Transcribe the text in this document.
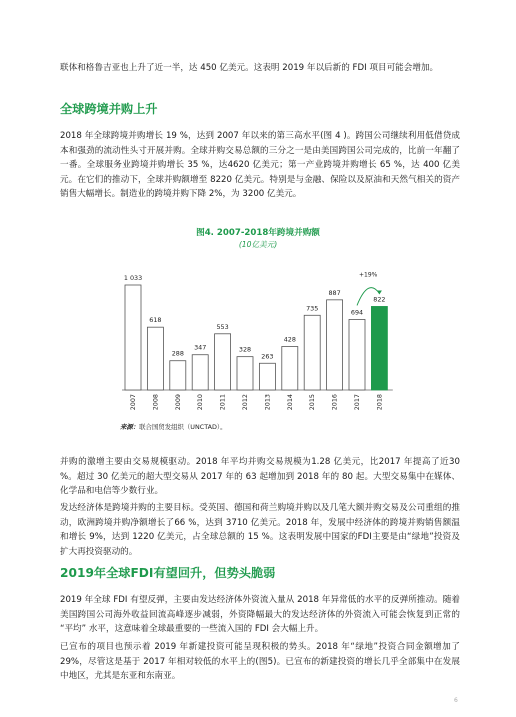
联体和格鲁吉亚也上升了近一半，达 450 亿美元。这表明 2019 年以后新的 FDI 项目可能会增加。

全球跨境并购上升

2018 年全球跨境并购增长 19 %，达到 2007 年以来的第三高水平(图 4 )。跨国公司继续利用低借贷成本和强劲的流动性头寸开展并购。全球并购交易总额的三分之一是由美国跨国公司完成的，比前一年翻了一番。全球服务业跨境并购增长 35 %，达4620 亿美元；第一产业跨境并购增长 65 %，达 400 亿美元。在它们的推动下，全球并购额增至 8220 亿美元。特别是与金融、保险以及原油和天然气相关的资产销售大幅增长。制造业的跨境并购下降 2%，为 3200 亿美元。

图4. 2007-2018年跨境并购额
(10亿美元)
1 033
2007
618
2008
288
2009
347
2010
553
2011
328
2012
263
2013
428
2014
735
2015
887
2016
694
2017
822
2018
+19%
来源：联合国贸发组织（UNCTAD）。

并购的激增主要由交易规模驱动。2018 年平均并购交易规模为1.28 亿美元，比2017 年提高了近30 %。超过 30 亿美元的超大型交易从 2017 年的 63 起增加到 2018 年的 80 起。大型交易集中在媒体、化学品和电信等少数行业。

发达经济体是跨境并购的主要目标。受英国、德国和荷兰购境并购以及几笔大额并购交易及公司重组的推动，欧洲跨境并购净额增长了66 %，达到 3710 亿美元。2018 年，发展中经济体的跨境并购销售额温和增长 9%，达到 1220 亿美元，占全球总额的 15 %。这表明发展中国家的FDI主要是由“绿地”投资及扩大再投资驱动的。

2019年全球FDI有望回升，但势头脆弱

2019 年全球 FDI 有望反弹，主要由发达经济体外资流入量从 2018 年异常低的水平的反弹所推动。随着美国跨国公司海外收益回流高峰逐步减弱，外资降幅最大的发达经济体的外资流入可能会恢复到正常的 “平均” 水平，这意味着全球最重要的一些流入国的 FDI 会大幅上升。

已宣布的项目也预示着 2019 年新建投资可能呈现积极的势头。2018 年“绿地”投资合同金额增加了 29%，尽管这是基于 2017 年相对较低的水平上的(图5)。已宣布的新建投资的增长几乎全部集中在发展中地区，尤其是东亚和东南亚。

6
